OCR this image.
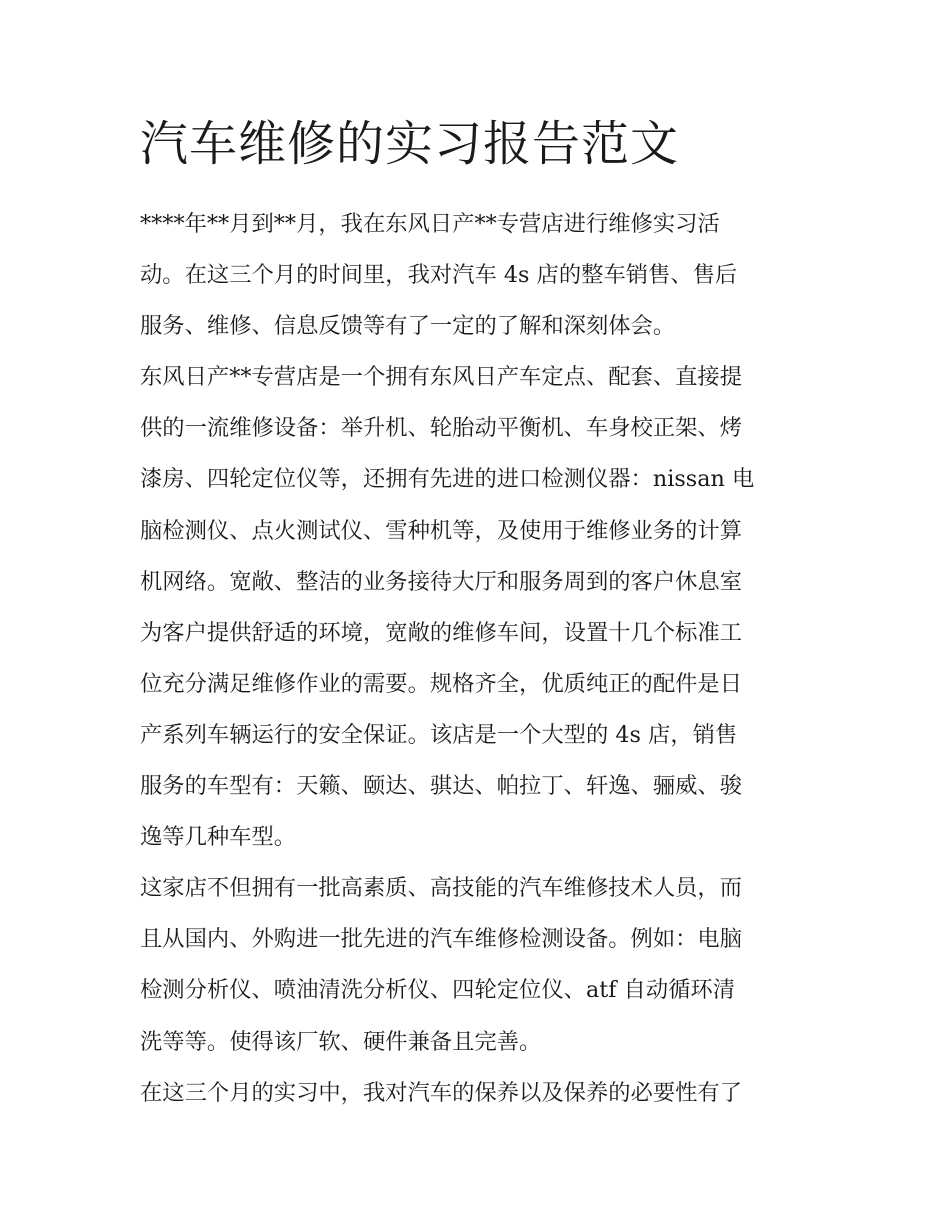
汽车维修的实习报告范文
****年**月到**月，我在东风日产**专营店进行维修实习活
动。在这三个月的时间里，我对汽车 4s 店的整车销售、售后
服务、维修、信息反馈等有了一定的了解和深刻体会。
东风日产**专营店是一个拥有东风日产车定点、配套、直接提
供的一流维修设备：举升机、轮胎动平衡机、车身校正架、烤
漆房、四轮定位仪等，还拥有先进的进口检测仪器：nissan 电
脑检测仪、点火测试仪、雪种机等，及使用于维修业务的计算
机网络。宽敞、整洁的业务接待大厅和服务周到的客户休息室
为客户提供舒适的环境，宽敞的维修车间，设置十几个标准工
位充分满足维修作业的需要。规格齐全，优质纯正的配件是日
产系列车辆运行的安全保证。该店是一个大型的 4s 店，销售
服务的车型有：天籁、颐达、骐达、帕拉丁、轩逸、骊威、骏
逸等几种车型。
这家店不但拥有一批高素质、高技能的汽车维修技术人员，而
且从国内、外购进一批先进的汽车维修检测设备。例如：电脑
检测分析仪、喷油清洗分析仪、四轮定位仪、atf 自动循环清
洗等等。使得该厂软、硬件兼备且完善。
在这三个月的实习中，我对汽车的保养以及保养的必要性有了
